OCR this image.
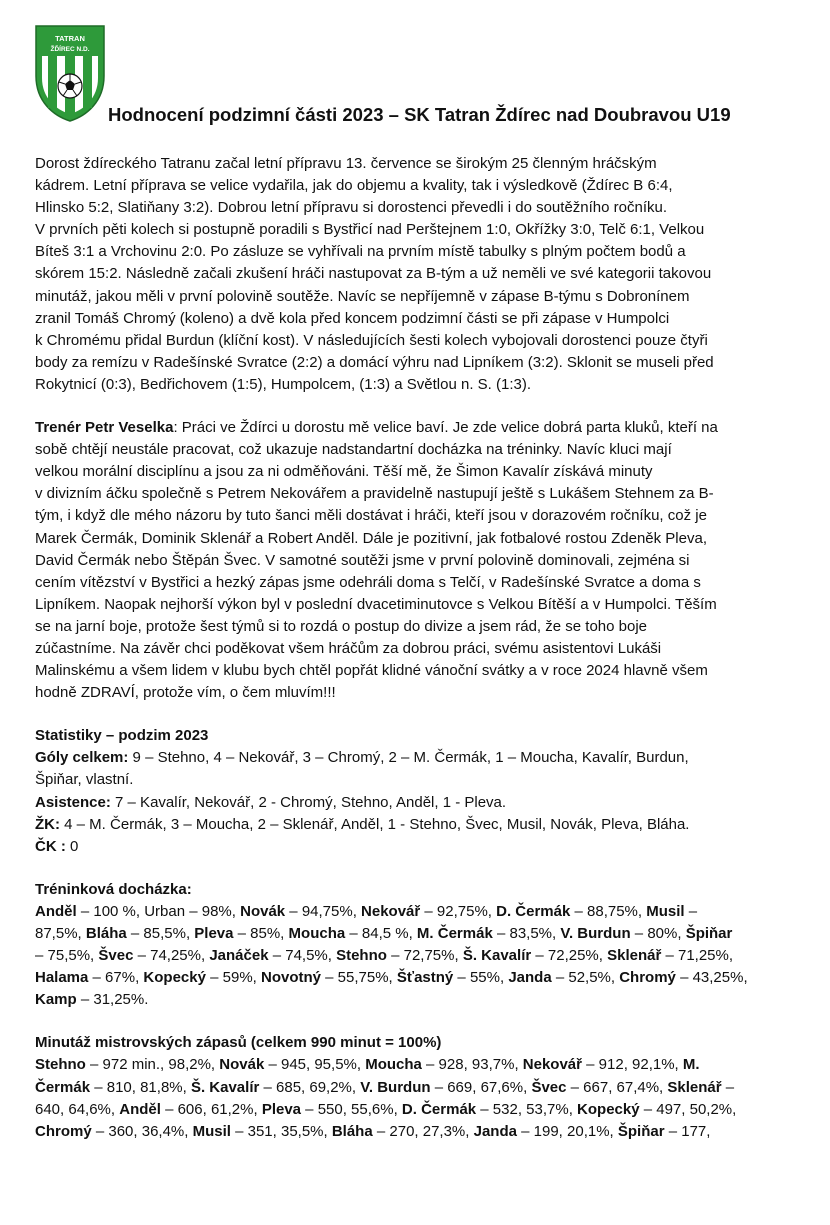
TATRAN
ŽĎÍREC N.D.
Hodnocení podzimní části 2023 – SK Tatran Ždírec nad Doubravou U19

Dorost ždíreckého Tatranu začal letní přípravu 13. července se širokým 25 členným hráčským

kádrem. Letní příprava se velice vydařila, jak do objemu a kvality, tak i výsledkově (Ždírec B 6:4,

Hlinsko 5:2, Slatiňany 3:2). Dobrou letní přípravu si dorostenci převedli i do soutěžního ročníku.

V prvních pěti kolech si postupně poradili s Bystřicí nad Perštejnem 1:0, Okřížky 3:0, Telč 6:1, Velkou

Bíteš 3:1 a Vrchovinu 2:0. Po zásluze se vyhřívali na prvním místě tabulky s plným počtem bodů a

skórem 15:2. Následně začali zkušení hráči nastupovat za B-tým a už neměli ve své kategorii takovou

minutáž, jakou měli v první polovině soutěže. Navíc se nepříjemně v zápase B-týmu s Dobronínem

zranil Tomáš Chromý (koleno) a dvě kola před koncem podzimní části se při zápase v Humpolci

k Chromému přidal Burdun (klíční kost). V následujících šesti kolech vybojovali dorostenci pouze čtyři

body za remízu v Radešínské Svratce (2:2) a domácí výhru nad Lipníkem (3:2). Sklonit se museli před

Rokytnicí (0:3), Bedřichovem (1:5), Humpolcem, (1:3) a Světlou n. S. (1:3).

Trenér Petr Veselka: Práci ve Ždírci u dorostu mě velice baví. Je zde velice dobrá parta kluků, kteří na

sobě chtějí neustále pracovat, což ukazuje nadstandartní docházka na tréninky. Navíc kluci mají

velkou morální disciplínu a jsou za ni odměňováni. Těší mě, že Šimon Kavalír získává minuty

v divizním áčku společně s Petrem Nekovářem a pravidelně nastupují ještě s Lukášem Stehnem za B-

tým, i když dle mého názoru by tuto šanci měli dostávat i hráči, kteří jsou v dorazovém ročníku, což je

Marek Čermák, Dominik Sklenář a Robert Anděl. Dále je pozitivní, jak fotbalové rostou Zdeněk Pleva,

David Čermák nebo Štěpán Švec. V samotné soutěži jsme v první polovině dominovali, zejména si

cením vítězství v Bystřici a hezký zápas jsme odehráli doma s Telčí, v Radešínské Svratce a doma s

Lipníkem. Naopak nejhorší výkon byl v poslední dvacetiminutovce s Velkou Bítěší a v Humpolci. Těším

se na jarní boje, protože šest týmů si to rozdá o postup do divize a jsem rád, že se toho boje

zúčastníme. Na závěr chci poděkovat všem hráčům za dobrou práci, svému asistentovi Lukáši

Malinskému a všem lidem v klubu bych chtěl popřát klidné vánoční svátky a v roce 2024 hlavně všem

hodně ZDRAVÍ, protože vím, o čem mluvím!!!

Statistiky – podzim 2023

Góly celkem: 9 – Stehno, 4 – Nekovář, 3 – Chromý, 2 – M. Čermák, 1 – Moucha, Kavalír, Burdun,

Špiňar, vlastní.

Asistence: 7 – Kavalír, Nekovář, 2 - Chromý, Stehno, Anděl, 1 - Pleva.

ŽK: 4 – M. Čermák, 3 – Moucha, 2 – Sklenář, Anděl, 1 - Stehno, Švec, Musil, Novák, Pleva, Bláha.

ČK : 0

Tréninková docházka:

Anděl – 100 %, Urban – 98%, Novák – 94,75%, Nekovář – 92,75%, D. Čermák – 88,75%, Musil –

87,5%, Bláha – 85,5%, Pleva – 85%, Moucha – 84,5 %, M. Čermák – 83,5%, V. Burdun – 80%, Špiňar

– 75,5%, Švec – 74,25%, Janáček – 74,5%, Stehno – 72,75%, Š. Kavalír – 72,25%, Sklenář – 71,25%,

Halama – 67%, Kopecký – 59%, Novotný – 55,75%, Šťastný – 55%, Janda – 52,5%, Chromý – 43,25%,

Kamp – 31,25%.

Minutáž mistrovských zápasů (celkem 990 minut = 100%)

Stehno – 972 min., 98,2%, Novák – 945, 95,5%, Moucha – 928, 93,7%, Nekovář – 912, 92,1%, M.

Čermák – 810, 81,8%, Š. Kavalír – 685, 69,2%, V. Burdun – 669, 67,6%, Švec – 667, 67,4%, Sklenář –

640, 64,6%, Anděl – 606, 61,2%, Pleva – 550, 55,6%, D. Čermák – 532, 53,7%, Kopecký – 497, 50,2%,

Chromý – 360, 36,4%, Musil – 351, 35,5%, Bláha – 270, 27,3%, Janda – 199, 20,1%, Špiňar – 177,
